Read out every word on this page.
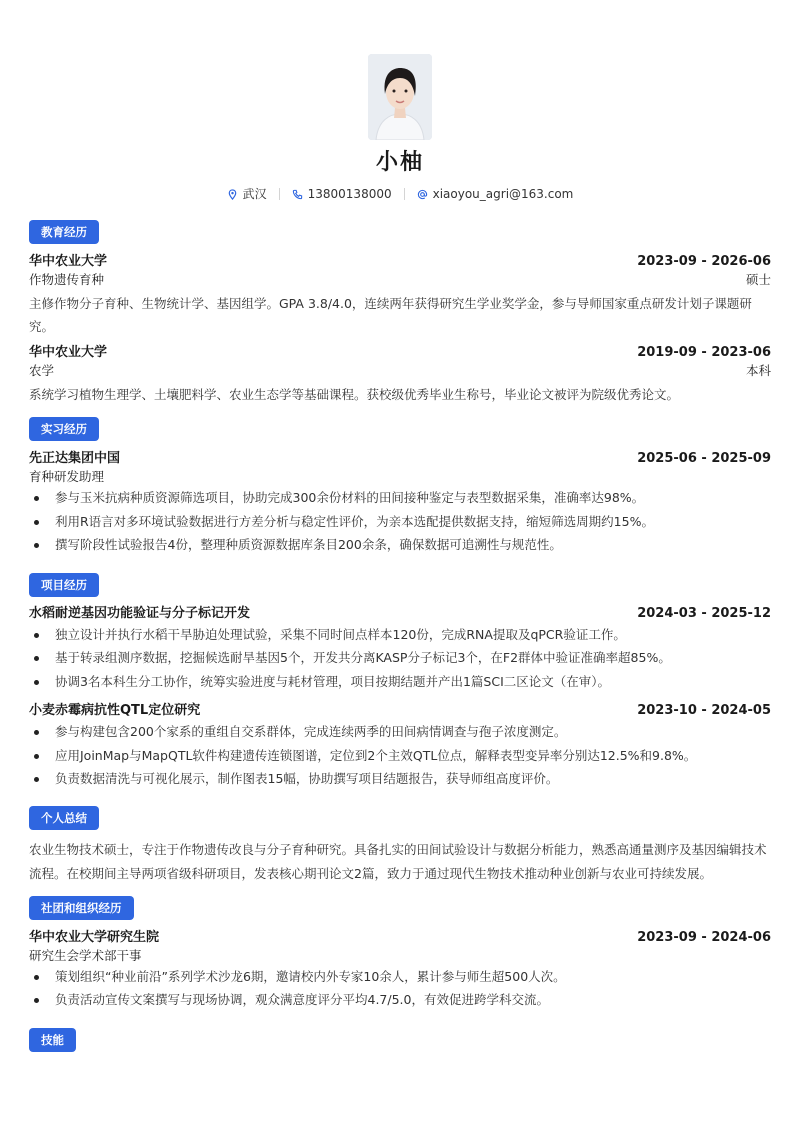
小柚
武汉	13800138000	xiaoyou_agri@163.com
教育经历
华中农业大学	2023-09 - 2026-06
作物遗传育种	硕士
主修作物分子育种、生物统计学、基因组学。GPA 3.8/4.0，连续两年获得研究生学业奖学金，参与导师国家重点研发计划子课题研究。
华中农业大学	2019-09 - 2023-06
农学	本科
系统学习植物生理学、土壤肥料学、农业生态学等基础课程。获校级优秀毕业生称号，毕业论文被评为院级优秀论文。
实习经历
先正达集团中国	2025-06 - 2025-09
育种研发助理
参与玉米抗病种质资源筛选项目，协助完成300余份材料的田间接种鉴定与表型数据采集，准确率达98%。
利用R语言对多环境试验数据进行方差分析与稳定性评价，为亲本选配提供数据支持，缩短筛选周期约15%。
撰写阶段性试验报告4份，整理种质资源数据库条目200余条，确保数据可追溯性与规范性。
项目经历
水稻耐逆基因功能验证与分子标记开发	2024-03 - 2025-12
独立设计并执行水稻干旱胁迫处理试验，采集不同时间点样本120份，完成RNA提取及qPCR验证工作。
基于转录组测序数据，挖掘候选耐旱基因5个，开发共分离KASP分子标记3个，在F2群体中验证准确率超85%。
协调3名本科生分工协作，统筹实验进度与耗材管理，项目按期结题并产出1篇SCI二区论文（在审）。
小麦赤霉病抗性QTL定位研究	2023-10 - 2024-05
参与构建包含200个家系的重组自交系群体，完成连续两季的田间病情调查与孢子浓度测定。
应用JoinMap与MapQTL软件构建遗传连锁图谱，定位到2个主效QTL位点，解释表型变异率分别达12.5%和9.8%。
负责数据清洗与可视化展示，制作图表15幅，协助撰写项目结题报告，获导师组高度评价。
个人总结
农业生物技术硕士，专注于作物遗传改良与分子育种研究。具备扎实的田间试验设计与数据分析能力，熟悉高通量测序及基因编辑技术流程。在校期间主导两项省级科研项目，发表核心期刊论文2篇，致力于通过现代生物技术推动种业创新与农业可持续发展。
社团和组织经历
华中农业大学研究生院	2023-09 - 2024-06
研究生会学术部干事
策划组织“种业前沿”系列学术沙龙6期，邀请校内外专家10余人，累计参与师生超500人次。
负责活动宣传文案撰写与现场协调，观众满意度评分平均4.7/5.0，有效促进跨学科交流。
技能
